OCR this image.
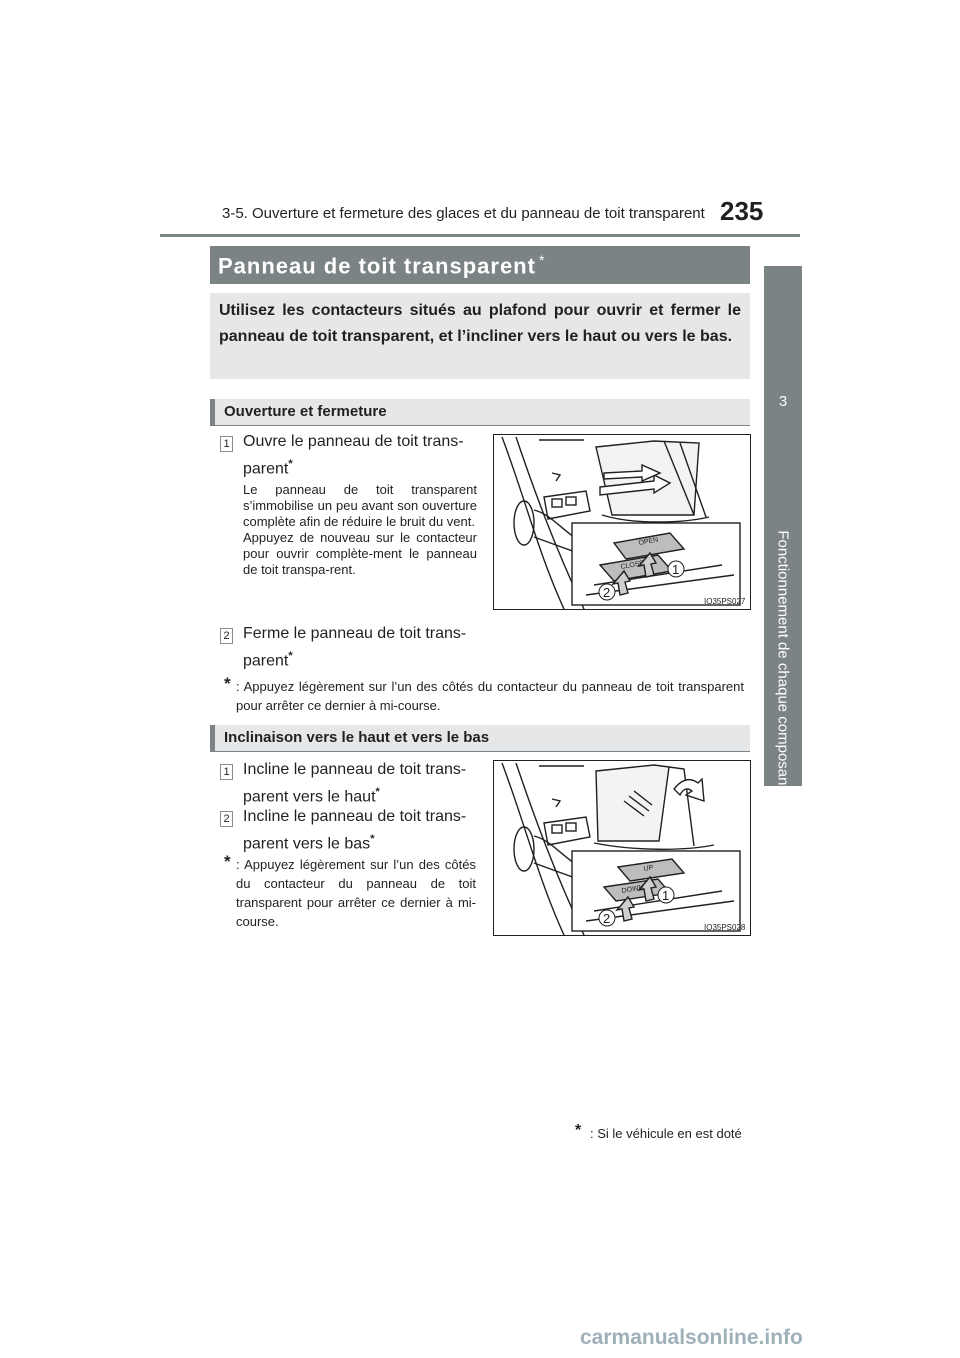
3-5. Ouverture et fermeture des glaces et du panneau de toit transparent 235
3
Fonctionnement de chaque composant
Panneau de toit transparent *
Utilisez les contacteurs situés au plafond pour ouvrir et fermer le panneau de toit transparent, et l’incliner vers le haut ou vers le bas.
Ouverture et fermeture
1 Ouvre le panneau de toit trans-
parent*
Le panneau de toit transparent s’immobilise un peu avant son ouverture complète afin de réduire le bruit du vent.
Appuyez de nouveau sur le contacteur pour ouvrir complète-ment le panneau de toit transpa-rent.
2 Ferme le panneau de toit trans-
parent*
* : Appuyez légèrement sur l’un des côtés du contacteur du panneau de toit transparent pour arrêter ce dernier à mi-course.
OPEN
CLOSE 1
2
IO35PS027
Inclinaison vers le haut et vers le bas
1 Incline le panneau de toit trans-
parent vers le haut*
2 Incline le panneau de toit trans-
parent vers le bas*
* : Appuyez légèrement sur l’un des côtés du contacteur du panneau de toit transparent pour arrêter ce dernier à mi-course.
UP
DOWN 1
2
IO35PS028
* : Si le véhicule en est doté
carmanualsonline.info
